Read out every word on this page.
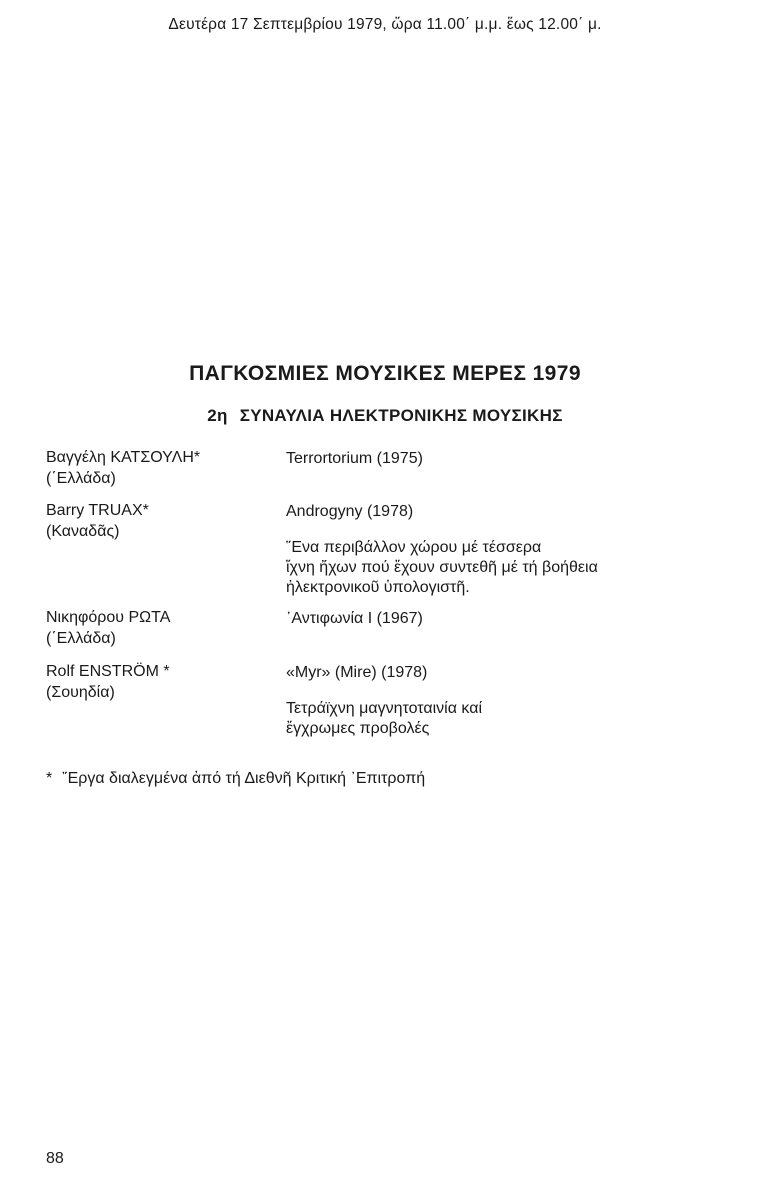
Δευτέρα 17 Σεπτεμβρίου 1979, ὥρα 11.00΄ μ.μ. ἕως 12.00΄ μ.
ΠΑΓΚΟΣΜΙΕΣ ΜΟΥΣΙΚΕΣ ΜΕΡΕΣ 1979
2η ΣΥΝΑΥΛΙΑ ΗΛΕΚΤΡΟΝΙΚΗΣ ΜΟΥΣΙΚΗΣ
Βαγγέλη ΚΑΤΣΟΥΛΗ*
(΄Ελλάδα)
Terrortorium (1975)
Barry TRUAX*
(Καναδᾶς)
Androgyny (1978)
῞Ενα περιβάλλον χώρου μέ τέσσερα
ἴχνη ἤχων πού ἔχουν συντεθῆ μέ τή βοήθεια
ἠλεκτρονικοῦ ὑπολογιστῆ.
Νικηφόρου ΡΩΤΑ
(΄Ελλάδα)
᾿Αντιφωνία Ι (1967)
Rolf ENSTRÖM *
(Σουηδία)
«Myr» (Mire) (1978)
Τετράϊχνη μαγνητοταινία καί
ἔγχρωμες προβολές
* ῎Εργα διαλεγμένα ἀπό τή Διεθνῆ Κριτική ᾿Επιτροπή
88
